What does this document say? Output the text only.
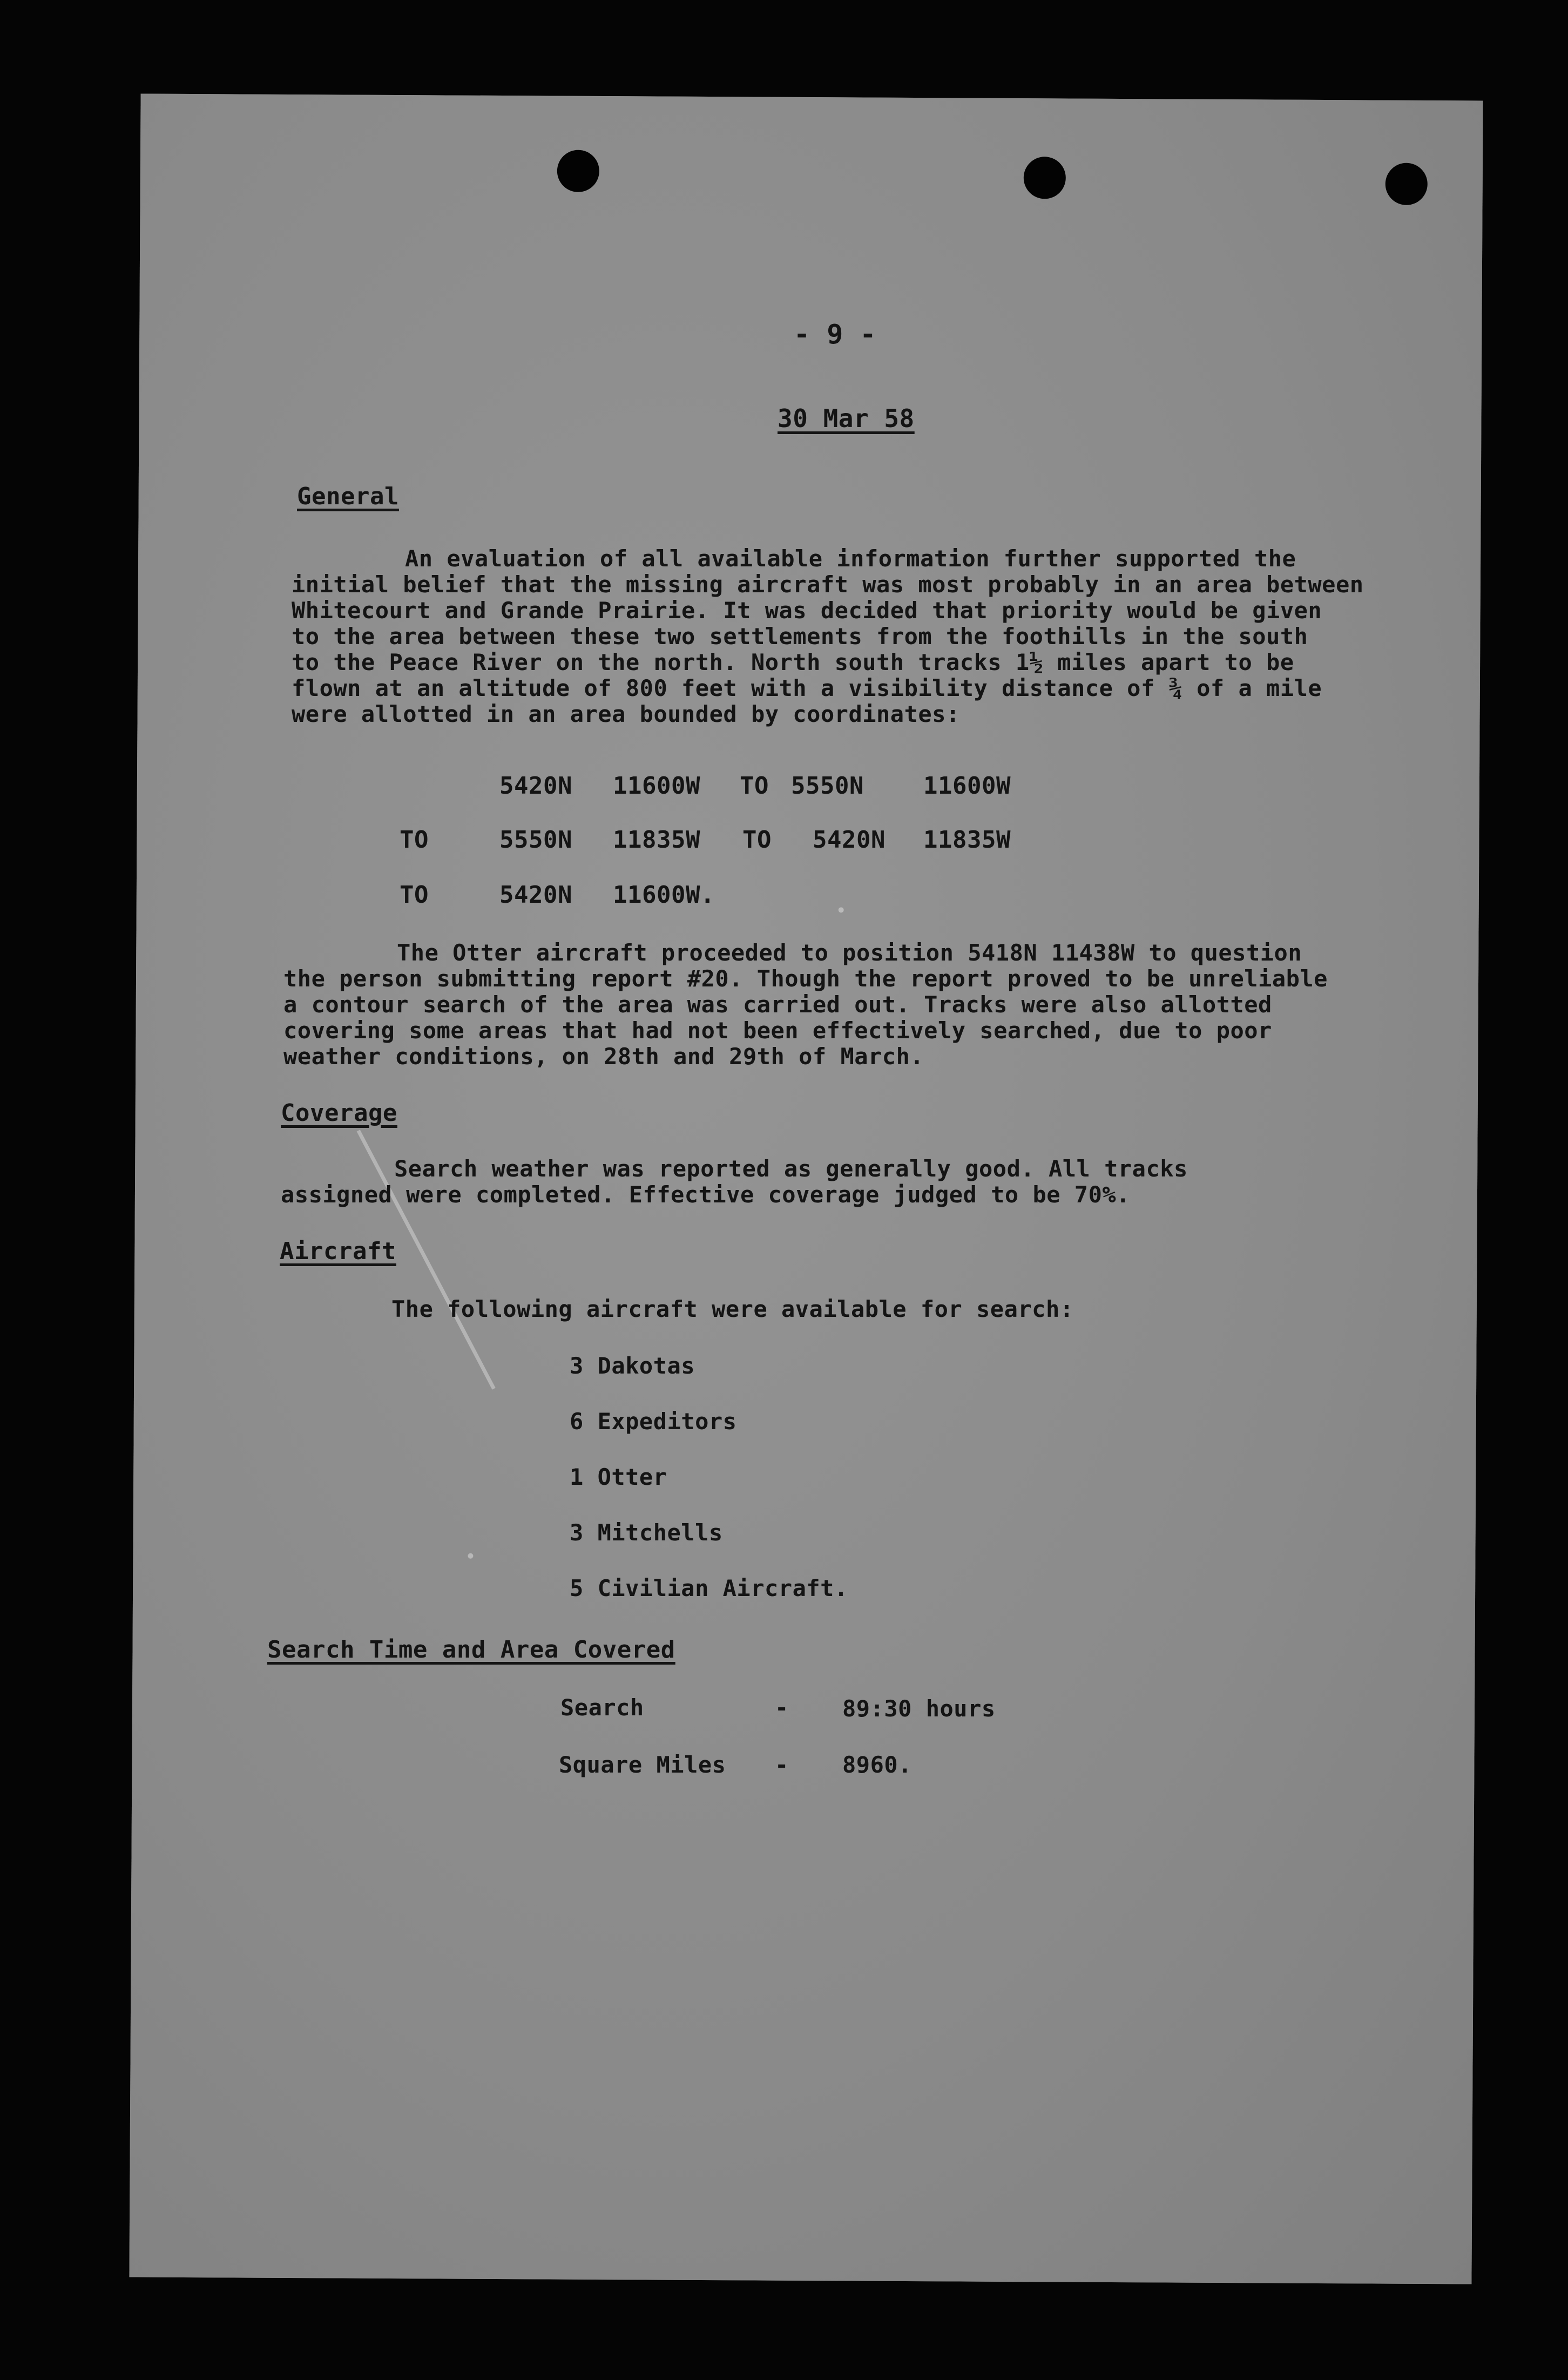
- 9 -
30 Mar 58
General
An evaluation of all available information further supported the
initial belief that the missing aircraft was most probably in an area between
Whitecourt and Grande Prairie. It was decided that priority would be given
to the area between these two settlements from the foothills in the south
to the Peace River on the north. North south tracks 1½ miles apart to be
flown at an altitude of 800 feet with a visibility distance of ¾ of a mile
were allotted in an area bounded by coordinates:
5420N 11600W TO 5550N	11600W
TO	5550N 11835W TO 5420N 11835W
TO	5420N 11600W.
The Otter aircraft proceeded to position 5418N 11438W to question
the person submitting report #20. Though the report proved to be unreliable
a contour search of the area was carried out. Tracks were also allotted
covering some areas that had not been effectively searched, due to poor
weather conditions, on 28th and 29th of March.
Coverage
Search weather was reported as generally good. All tracks
assigned were completed. Effective coverage judged to be 70%.
Aircraft
The following aircraft were available for search:
3 Dakotas
6 Expeditors
1 Otter
3 Mitchells
5 Civilian Aircraft.
Search Time and Area Covered
Search	- 89:30 hours
Square Miles - 8960.
